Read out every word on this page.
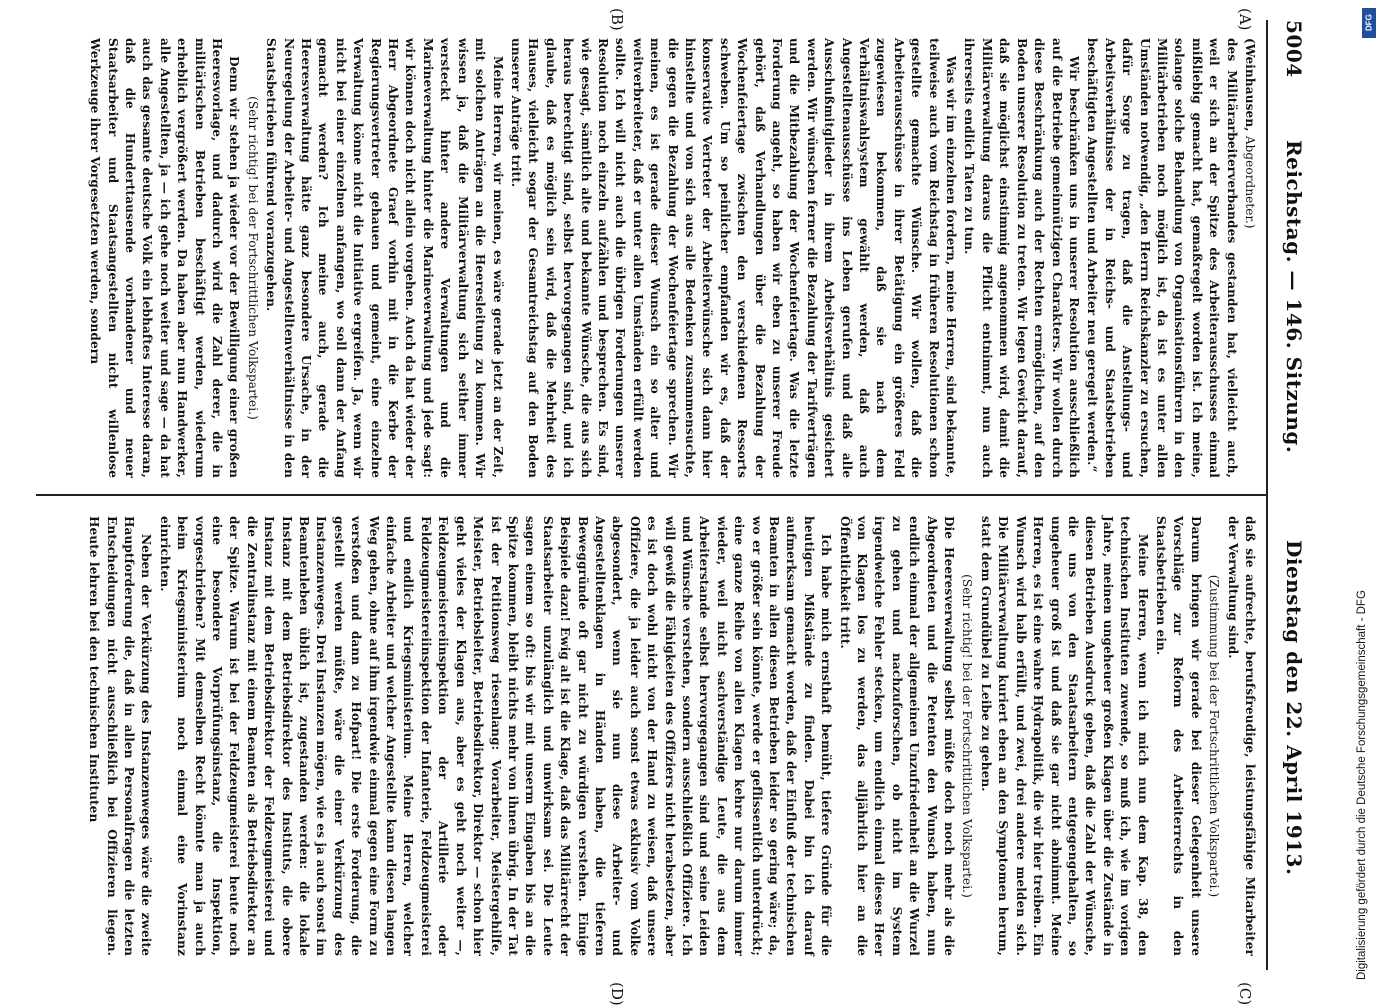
5004
Reichstag. — 146. Sitzung.
Dienstag den 22. April 1913.
(A)
(B)
(C)
(D)

(Weinhausen, Abgeordneter.)

des Militärarbeiterverbandes gestanden hat, vielleicht auch, weil er sich an der Spitze des Arbeiterausschusses einmal mißliebig gemacht hat, gemaßregelt worden ist. Ich meine, solange solche Behandlung von Organisationsführern in den Militärbetrieben noch möglich ist, da ist es unter allen Umständen notwendig, „den Herrn Reichskanzler zu ersuchen, dafür Sorge zu tragen, daß die Anstellungs- und Arbeitsverhältnisse der in Reichs- und Staatsbetrieben beschäftigten Angestellten und Arbeiter neu geregelt werden.“

Wir beschränken uns in unserer Resolution ausschließlich auf die Betriebe gemeinnützigen Charakters. Wir wollen durch diese Beschränkung auch der Rechten ermöglichen, auf den Boden unserer Resolution zu treten. Wir legen Gewicht darauf, daß sie möglichst einstimmig angenommen wird, damit die Militärverwaltung daraus die Pflicht entnimmt, nun auch ihrerseits endlich Taten zu tun.

Was wir im einzelnen fordern, meine Herren, sind bekannte, teilweise auch vom Reichstag in früheren Resolutionen schon gestellte gemachte Wünsche. Wir wollen, daß die Arbeiterausschüsse in ihrer Betätigung ein größeres Feld zugewiesen bekommen, daß sie nach dem Verhältniswahlsystem gewählt werden, daß auch Angestelltenausschüsse ins Leben gerufen und daß alle Ausschußmitglieder in ihrem Arbeitsverhältnis gesichert werden. Wir wünschen ferner die Bezahlung der Tarifverträgen und die Mitbezahlung der Wochenfeiertage. Was die letzte Forderung angeht, so haben wir eben zu unserer Freude gehört, daß Verhandlungen über die Bezahlung der Wochenfeiertage zwischen den verschiedenen Ressorts schweben. Um so peinlicher empfanden wir es, daß der konservative Vertreter der Arbeiterwünsche sich dann hier hinstellte und von sich aus alle Bedenken zusammensuchte, die gegen die Bezahlung der Wochenfeiertage sprechen. Wir meinen, es ist gerade dieser Wunsch ein so alter und weitverbreiteter, daß er unter allen Umständen erfüllt werden sollte. Ich will nicht auch die übrigen Forderungen unserer Resolution noch einzeln aufzählen und besprechen. Es sind, wie gesagt, sämtlich alte und bekannte Wünsche, die aus sich heraus berechtigt sind, selbst hervorgegangen sind, und ich glaube, daß es möglich sein wird, daß die Mehrheit des Hauses, vielleicht sogar der Gesamtreichstag auf den Boden unserer Anträge tritt.

Meine Herren, wir meinen, es wäre gerade jetzt an der Zeit, mit solchen Anträgen an die Heeresleitung zu kommen. Wir wissen ja, daß die Militärverwaltung sich seither immer versteckt hinter andere Verwaltungen und die Marineverwaltung hinter die Marineverwaltung und jede sagt: wir können doch nicht allein vorgehen. Auch da hat wieder der Herr Abgeordnete Graef vorhin mit in die Kerbe der Regierungsvertreter gehauen und gemeint, eine einzelne Verwaltung könne nicht die Initiative ergreifen. Ja, wenn wir nicht bei einer einzelnen anfangen, wo soll dann der Anfang gemacht werden? Ich meine auch, gerade die Heeresverwaltung hätte ganz besondere Ursache, in der Neuregelung der Arbeiter- und Angestelltenverhältnisse in den Staatsbetrieben führend voranzugehen.

(Sehr richtig! bei der Fortschrittlichen Volkspartei.)

Denn wir stehen ja wieder vor der Bewilligung einer großen Heeresvorlage, und dadurch wird die Zahl derer, die in militärischen Betrieben beschäftigt werden, wiederum erheblich vergrößert werden. Da haben aber nun Handwerker, alle Angestellten, ja — ich gehe noch weiter und sage — da hat auch das gesamte deutsche Volk ein lebhaftes Interesse daran, daß die Hunderttausende vorhandener und neuer Staatsarbeiter und Staatsangestellten nicht willenlose Werkzeuge ihrer Vorgesetzten werden, sondern

daß sie aufrechte, berufsfreudige, leistungsfähige Mitarbeiter der Verwaltung sind.

(Zustimmung bei der Fortschrittlichen Volkspartei.)

Darum bringen wir gerade bei dieser Gelegenheit unsere Vorschläge zur Reform des Arbeiterrechts in den Staatsbetrieben ein.

Meine Herren, wenn ich mich nun dem Kap. 38, den technischen Instituten zuwende, so muß ich, wie im vorigen Jahre, meinen ungeheuer großen Klagen über die Zustände in diesen Betrieben Ausdruck geben, daß die Zahl der Wünsche, die uns von den Staatsarbeitern entgegengehalten, so ungeheuer groß ist und daß sie gar nicht abnimmt. Meine Herren, es ist eine wahre Hydrapolitik, die wir hier treiben. Ein Wunsch wird halb erfüllt, und zwei, drei andere melden sich. Die Militärverwaltung kuriert eben an den Symptomen herum, statt dem Grundübel zu Leibe zu gehen.

(Sehr richtig! bei der Fortschrittlichen Volkspartei.)

Die Heeresverwaltung selbst müßte doch noch mehr als die Abgeordneten und die Petenten den Wunsch haben, nun endlich einmal der allgemeinen Unzufriedenheit an die Wurzel zu gehen und nachzuforschen, ob nicht im System irgendwelche Fehler stecken, um endlich einmal dieses Heer von Klagen los zu werden, das alljährlich hier an die Öffentlichkeit tritt.

Ich habe mich ernsthaft bemüht, tiefere Gründe für die heutigen Mißstände zu finden. Dabei bin ich darauf aufmerksam gemacht worden, daß der Einfluß der technischen Beamten in allen diesen Betrieben leider so gering wäre; da, wo er größer sein könnte, werde er geflissentlich unterdrückt; eine ganze Reihe von allen Klagen kehre nur darum immer wieder, weil nicht sachverständige Leute, die aus dem Arbeiterstande selbst hervorgegangen sind und seine Leiden und Wünsche verstehen, sondern ausschließlich Offiziere. Ich will gewiß die Fähigkeiten des Offiziers nicht herabsetzen, aber es ist doch wohl nicht von der Hand zu weisen, daß unsere Offiziere, die ja leider auch sonst etwas exklusiv vom Volke abgesondert, wenn sie nun diese Arbeiter- und Angestelltenklagen in Händen haben, die tieferen Beweggründe oft gar nicht zu würdigen verstehen. Einige Beispiele dazu! Ewig alt ist die Klage, daß das Militärrecht der Staatsarbeiter unzulänglich und unwirksam sei. Die Leute sagen einem so oft: bis wir mit unserm Eingaben bis an die Spitze kommen, bleibt nichts mehr von ihnen übrig. In der Tat ist der Petitionsweg riesenlang: Vorarbeiter, Meistergehilfe, Meister, Betriebsleiter, Betriebsdirektor, Direktor — schon hier geht vieles der Klagen aus, aber es geht noch weiter —, Feldzeugmeistereiinspektion der Artillerie oder Feldzeugmeistereiinspektion der Infanterie, Feldzeugmeisterei und endlich Kriegsministerium. Meine Herren, welcher einfache Arbeiter und welcher Angestellte kann diesen langen Weg gehen, ohne auf ihm irgendwie einmal gegen eine Form zu verstoßen und dann zu Hofpart! Die erste Forderung, die gestellt werden müßte, wäre die einer Verkürzung des Instanzenweges. Drei Instanzen mögen, wie es ja auch sonst im Beamtenleben üblich ist, zugestanden werden: die lokale Instanz mit dem Betriebsdirektor des Instituts, die obere Instanz mit dem Betriebsdirektor der Feldzeugmeisterei und die Zentralinstanz mit einem Beamten als Betriebsdirektor an der Spitze. Warum ist bei der Feldzeugmeisterei heute noch eine besondere Vorprüfungsinstanz, die Inspektion, vorgeschrieben? Mit demselben Recht könnte man ja auch beim Kriegsministerium noch einmal eine Vorinstanz einrichten.

Neben der Verkürzung des Instanzenweges wäre die zweite Hauptforderung die, daß in allen Personalfragen die letzten Entscheidungen nicht ausschließlich bei Offizieren liegen. Heute lehren bei den technischen Instituten

DFG
Digitalisierung gefördert durch die Deutsche Forschungsgemeinschaft - DFG
